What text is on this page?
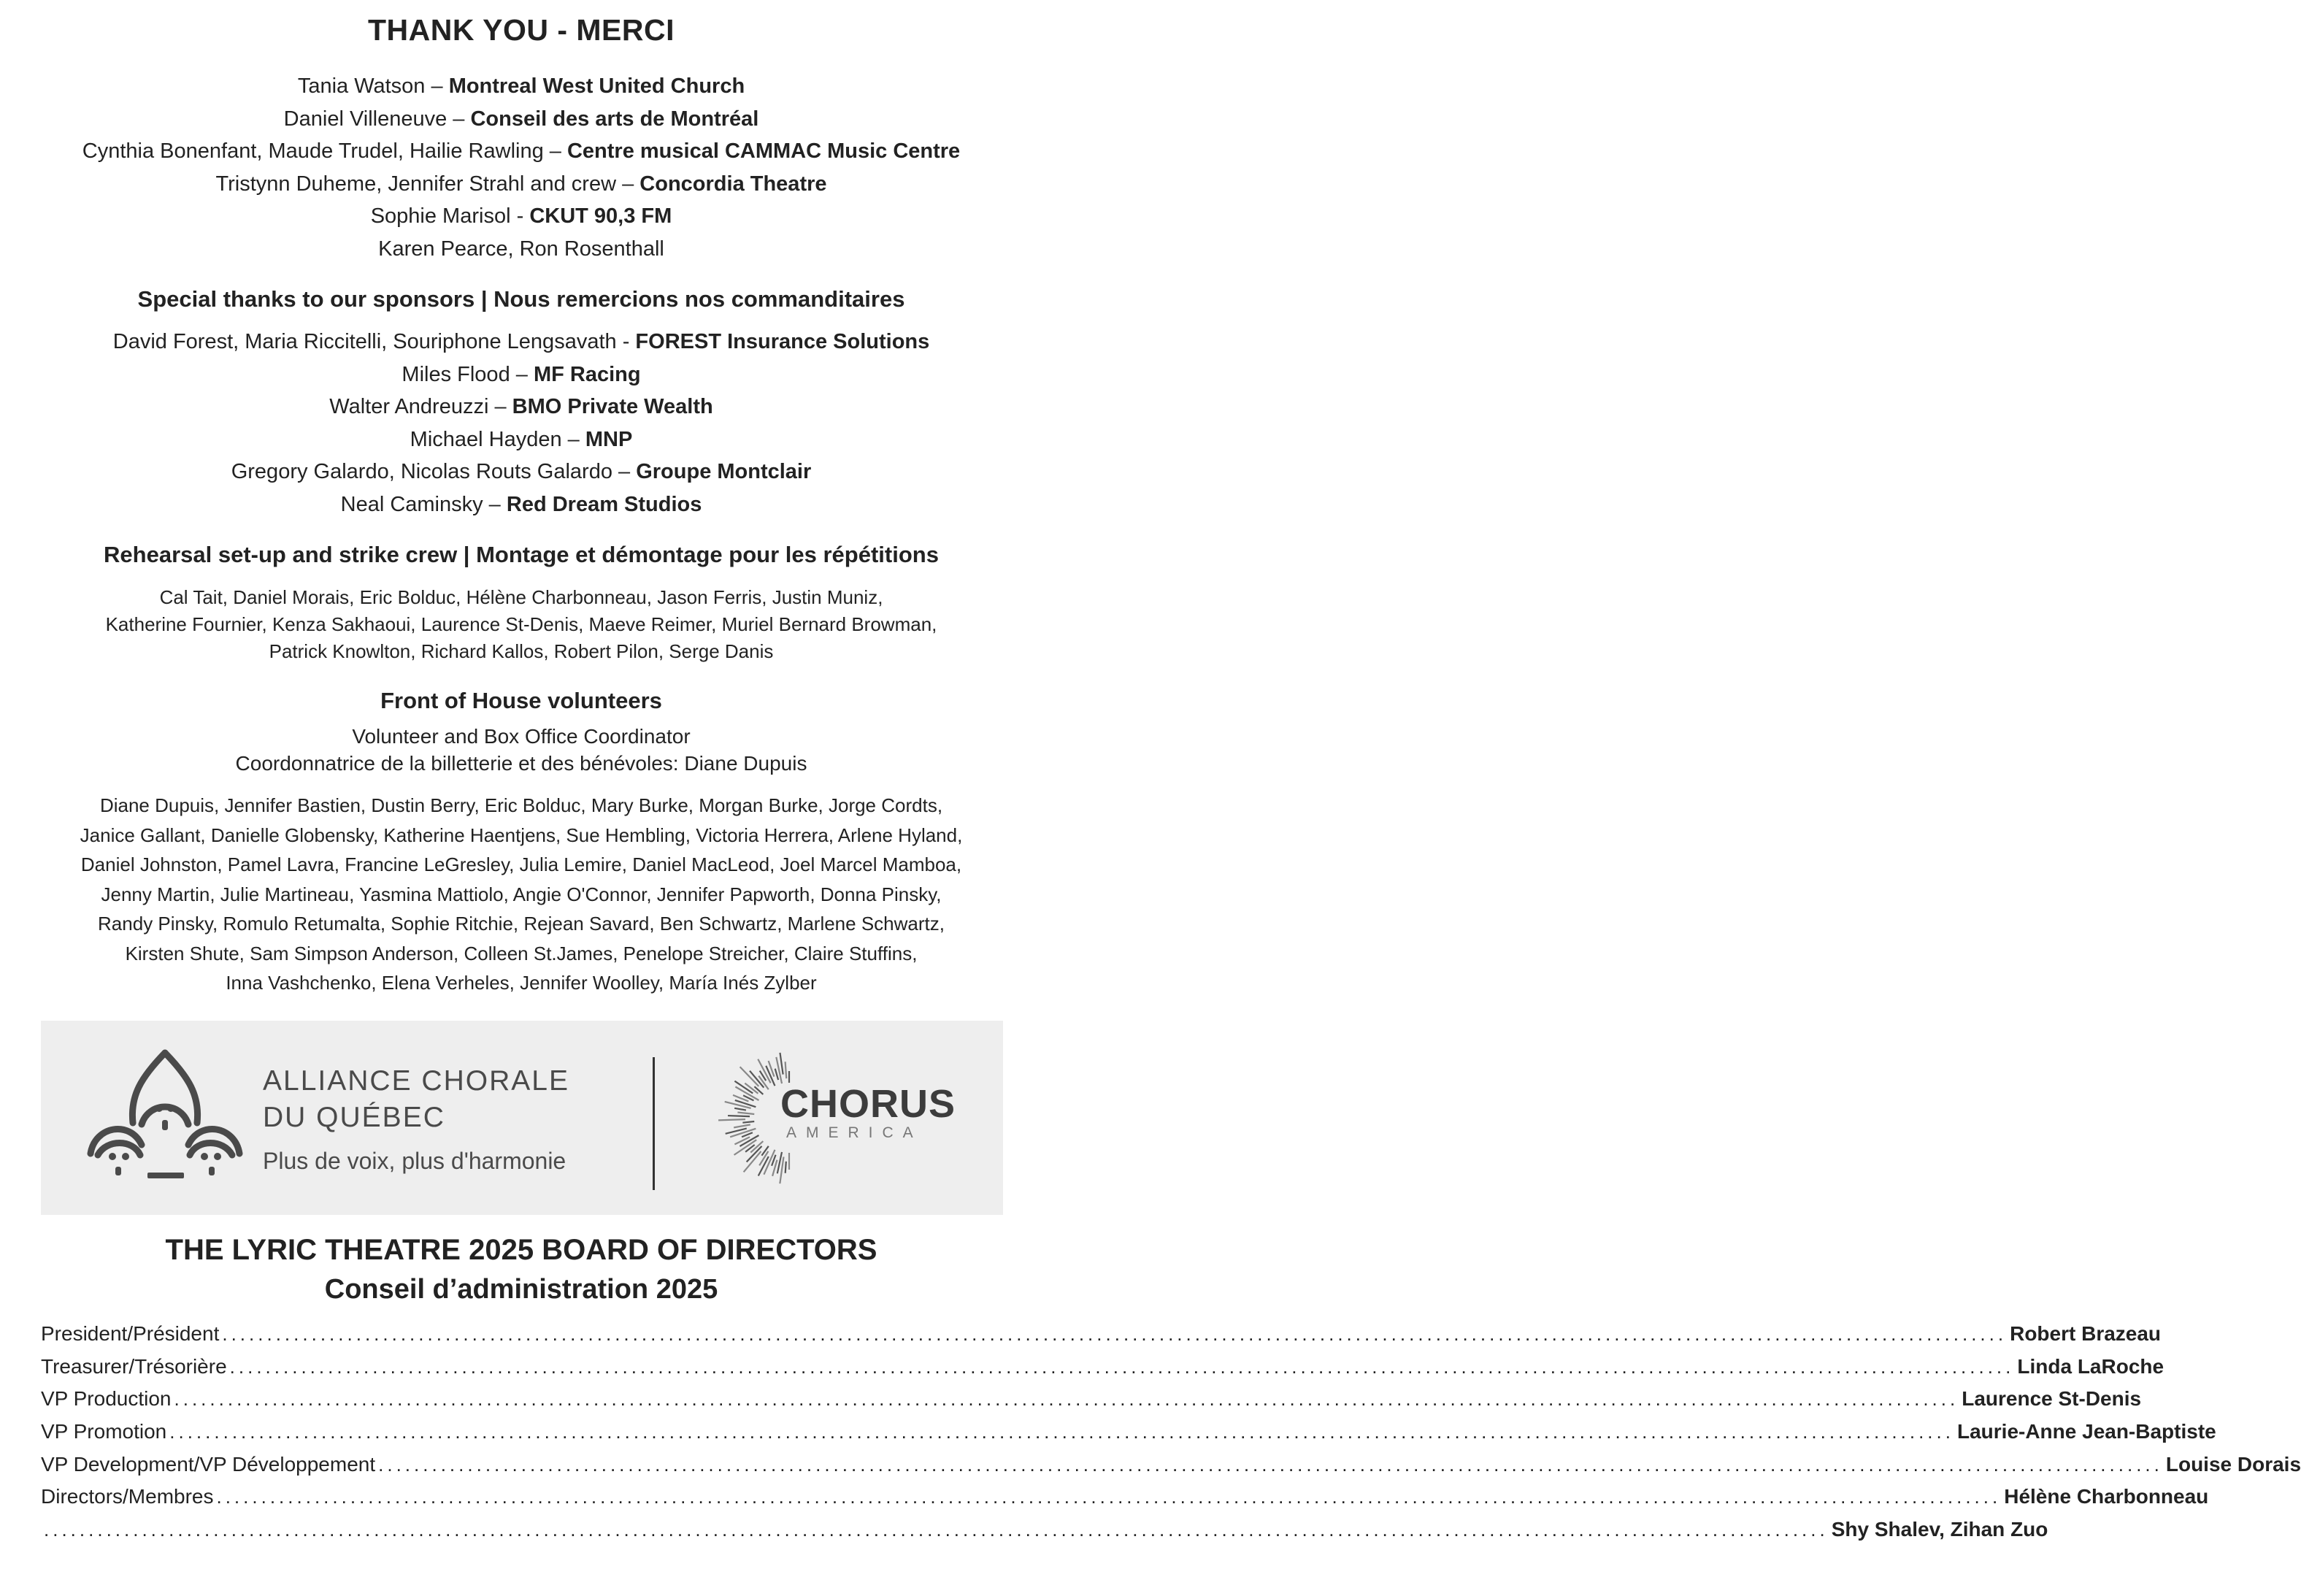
THANK YOU - MERCI
Tania Watson – Montreal West United Church
Daniel Villeneuve – Conseil des arts de Montréal
Cynthia Bonenfant, Maude Trudel, Hailie Rawling – Centre musical CAMMAC Music Centre
Tristynn Duheme, Jennifer Strahl and crew – Concordia Theatre
Sophie Marisol - CKUT 90,3 FM
Karen Pearce, Ron Rosenthall
Special thanks to our sponsors | Nous remercions nos commanditaires
David Forest, Maria Riccitelli, Souriphone Lengsavath - FOREST Insurance Solutions
Miles Flood – MF Racing
Walter Andreuzzi – BMO Private Wealth
Michael Hayden – MNP
Gregory Galardo, Nicolas Routs Galardo – Groupe Montclair
Neal Caminsky – Red Dream Studios
Rehearsal set-up and strike crew | Montage et démontage pour les répétitions
Cal Tait, Daniel Morais, Eric Bolduc, Hélène Charbonneau, Jason Ferris, Justin Muniz,
Katherine Fournier, Kenza Sakhaoui, Laurence St-Denis, Maeve Reimer, Muriel Bernard Browman,
Patrick Knowlton, Richard Kallos, Robert Pilon, Serge Danis
Front of House volunteers
Volunteer and Box Office Coordinator
Coordonnatrice de la billetterie et des bénévoles: Diane Dupuis
Diane Dupuis, Jennifer Bastien, Dustin Berry, Eric Bolduc, Mary Burke, Morgan Burke, Jorge Cordts,
Janice Gallant, Danielle Globensky, Katherine Haentjens, Sue Hembling, Victoria Herrera, Arlene Hyland,
Daniel Johnston, Pamel Lavra, Francine LeGresley, Julia Lemire, Daniel MacLeod, Joel Marcel Mamboa,
Jenny Martin, Julie Martineau, Yasmina Mattiolo, Angie O'Connor, Jennifer Papworth, Donna Pinsky,
Randy Pinsky, Romulo Retumalta, Sophie Ritchie, Rejean Savard, Ben Schwartz, Marlene Schwartz,
Kirsten Shute, Sam Simpson Anderson, Colleen St.James, Penelope Streicher, Claire Stuffins,
Inna Vashchenko, Elena Verheles, Jennifer Woolley, María Inés Zylber
ALLIANCE CHORALE
DU QUÉBEC
Plus de voix, plus d'harmonie
CHORUS
AMERICA
THE LYRIC THEATRE 2025 BOARD OF DIRECTORS
Conseil d’administration 2025
President/Président ........................................................................................................................................................................................................ Robert Brazeau
Treasurer/Trésorière ........................................................................................................................................................................................................ Linda LaRoche
VP Production ........................................................................................................................................................................................................ Laurence St-Denis
VP Promotion ........................................................................................................................................................................................................ Laurie-Anne Jean-Baptiste
VP Development/VP Développement ........................................................................................................................................................................................................ Louise Dorais
Directors/Membres ........................................................................................................................................................................................................ Hélène Charbonneau
........................................................................................................................................................................................................ Shy Shalev, Zihan Zuo
